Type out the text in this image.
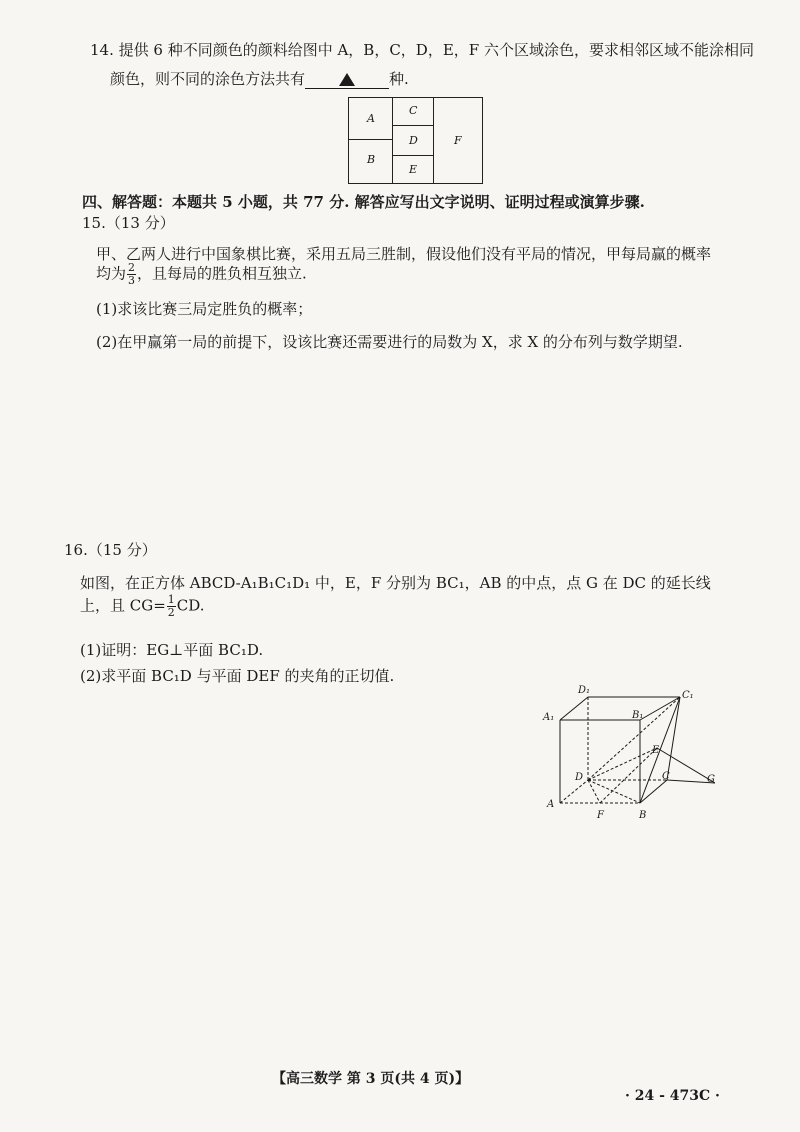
14. 提供 6 种不同颜色的颜料给图中 A，B，C，D，E，F 六个区域涂色，要求相邻区域不能涂相同
颜色，则不同的涂色方法共有	种.
A
B
C
D
E
F
四、解答题：本题共 5 小题，共 77 分. 解答应写出文字说明、证明过程或演算步骤.
15.（13 分）
甲、乙两人进行中国象棋比赛，采用五局三胜制，假设他们没有平局的情况，甲每局赢的概率
均为 $\frac{2}{3}$ ，且每局的胜负相互独立.
(1)求该比赛三局定胜负的概率；
(2)在甲赢第一局的前提下，设该比赛还需要进行的局数为 X，求 X 的分布列与数学期望.
16.（15 分）
如图，在正方体 ABCD-A₁B₁C₁D₁ 中，E，F 分别为 BC₁，AB 的中点，点 G 在 DC 的延长线
上，且 $CG= \frac{1}{2}$ CD.
(1)证明：EG⊥平面 BC₁D.
(2)求平面 BC₁D 与平面 DEF 的夹角的正切值.
D₁	C₁
A₁	B₁
E
D	C	G
A
F	B
【高三数学 第 3 页(共 4 页)】
· 24 - 473C ·
